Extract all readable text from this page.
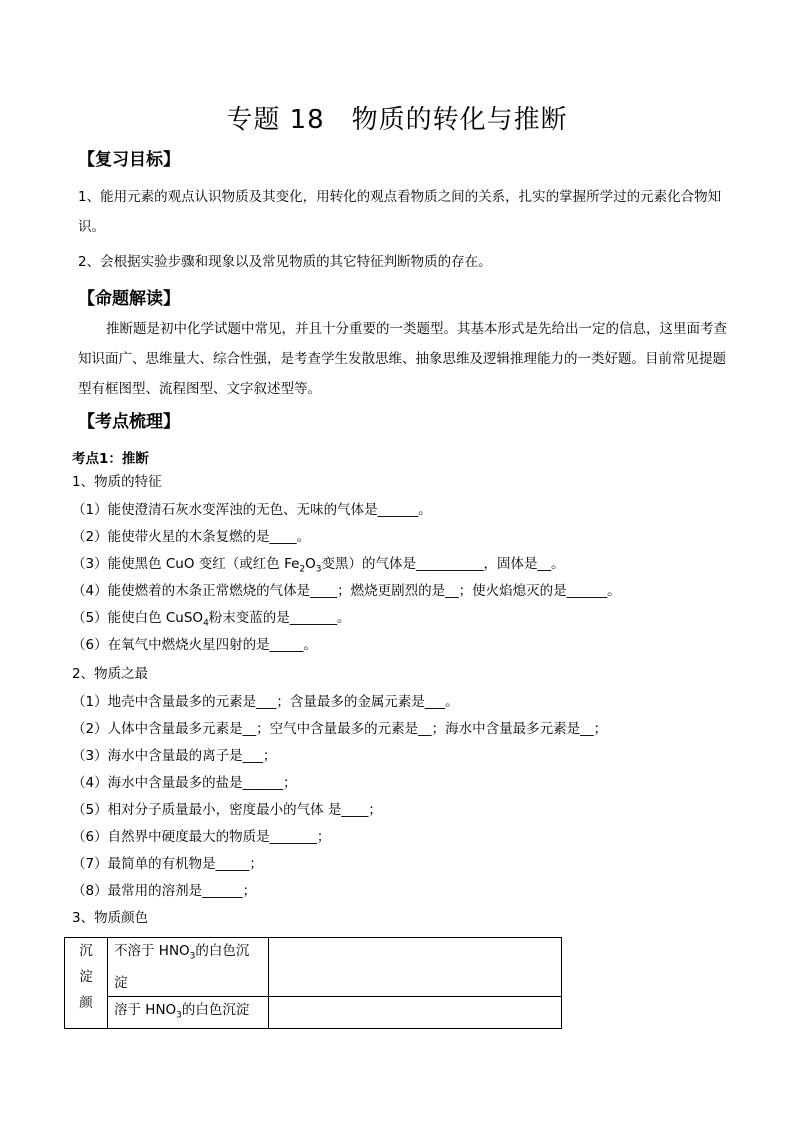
专题 18　物质的转化与推断
【复习目标】
1、能用元素的观点认识物质及其变化，用转化的观点看物质之间的关系，扎实的掌握所学过的元素化合物知识。
2、会根据实验步骤和现象以及常见物质的其它特征判断物质的存在。
【命题解读】
推断题是初中化学试题中常见，并且十分重要的一类题型。其基本形式是先给出一定的信息，这里面考查知识面广、思维量大、综合性强，是考查学生发散思维、抽象思维及逻辑推理能力的一类好题。目前常见提题型有框图型、流程图型、文字叙述型等。
【考点梳理】
考点1：推断
1、物质的特征
（1）能使澄清石灰水变浑浊的无色、无味的气体是______。
（2）能使带火星的木条复燃的是____。
（3）能使黑色 CuO 变红（或红色 $Fe_2O_3$变黑）的气体是__________，固体是__。
（4）能使燃着的木条正常燃烧的气体是____；燃烧更剧烈的是__；使火焰熄灭的是______。
（5）能使白色 CuSO$_4$粉末变蓝的是_______。
（6）在氧气中燃烧火星四射的是_____。
2、物质之最
（1）地壳中含量最多的元素是___；含量最多的金属元素是___。
（2）人体中含量最多元素是__；空气中含量最多的元素是__；海水中含量最多元素是__；
（3）海水中含量最的离子是___；
（4）海水中含量最多的盐是______；
（5）相对分子质量最小，密度最小的气体 是____；
（6）自然界中硬度最大的物质是_______；
（7）最简单的有机物是_____；
（8）最常用的溶剂是______；
3、物质颜色
沉
淀
颜	不溶于 $HNO_3$的白色沉淀	
	溶于 $HNO_3$的白色沉淀	
